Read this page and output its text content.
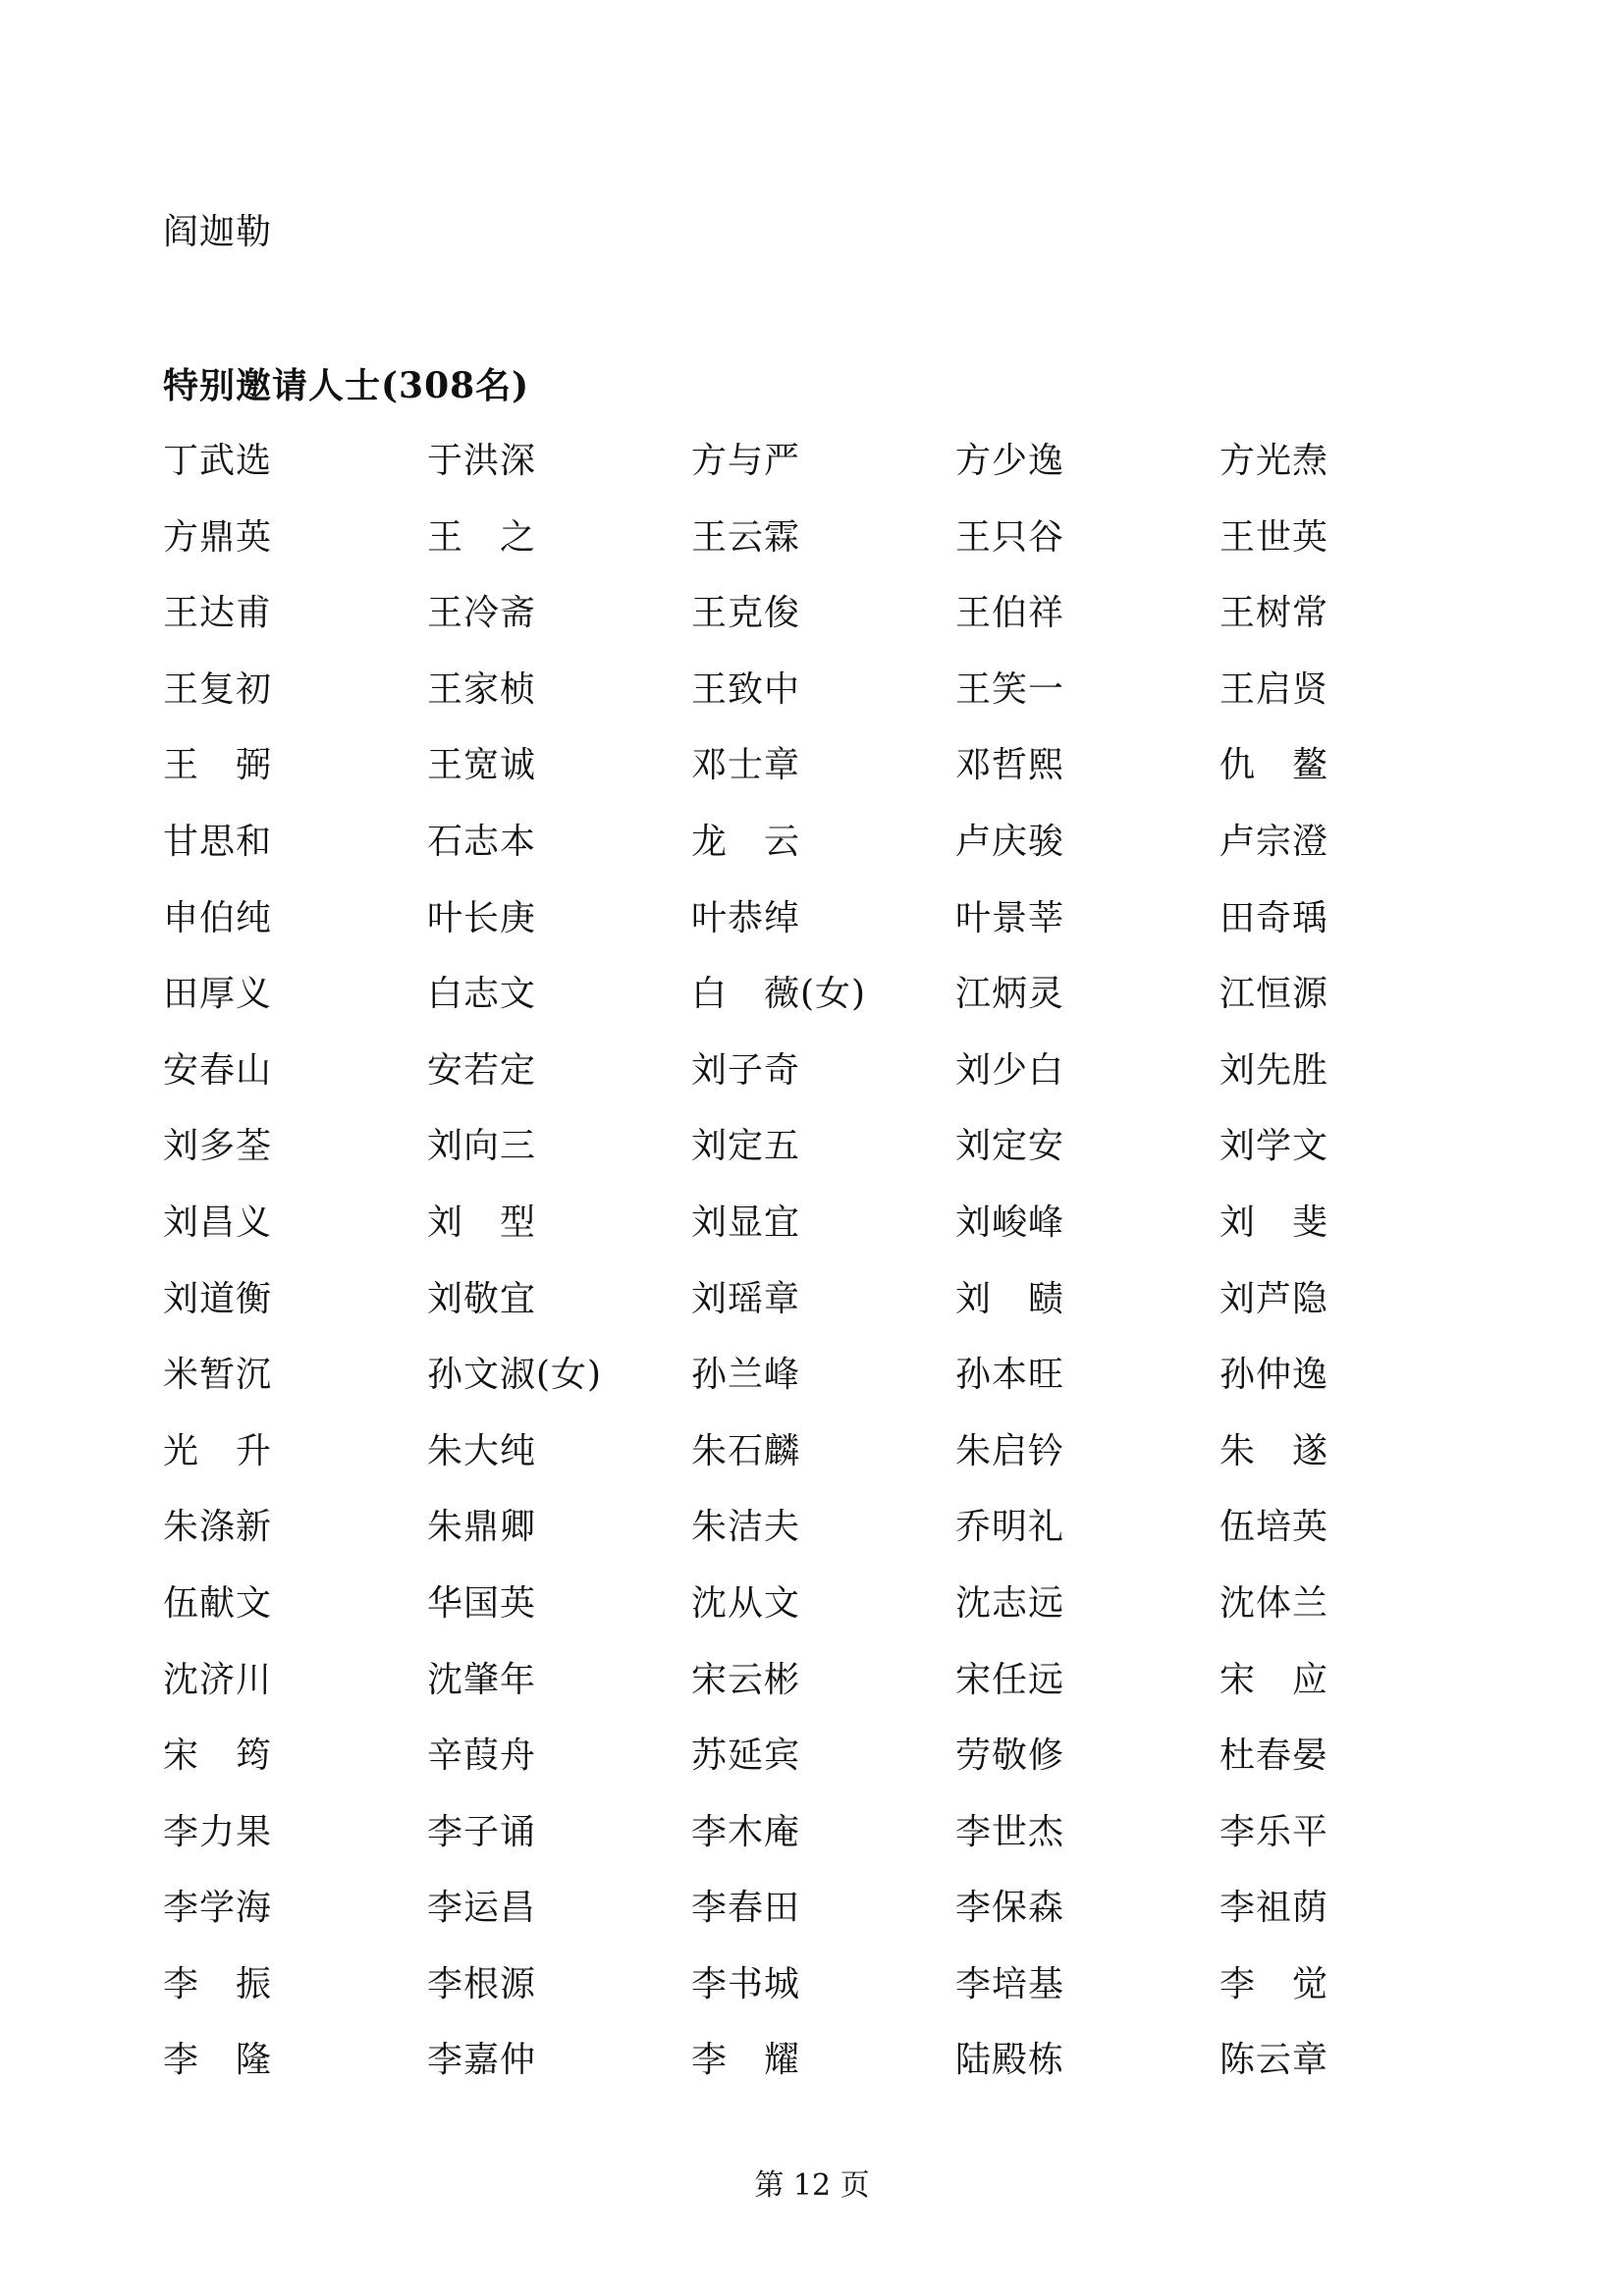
阎迦勒
特别邀请人士(308名)
丁武选	于洪深	方与严	方少逸	方光焘
方鼎英	王　之	王云霖	王只谷	王世英
王达甫	王冷斋	王克俊	王伯祥	王树常
王复初	王家桢	王致中	王笑一	王启贤
王　弼	王宽诚	邓士章	邓哲熙	仇　鳌
甘思和	石志本	龙　云	卢庆骏	卢宗澄
申伯纯	叶长庚	叶恭绰	叶景莘	田奇瑀
田厚义	白志文	白　薇(女)	江炳灵	江恒源
安春山	安若定	刘子奇	刘少白	刘先胜
刘多荃	刘向三	刘定五	刘定安	刘学文
刘昌义	刘　型	刘显宜	刘峻峰	刘　斐
刘道衡	刘敬宜	刘瑶章	刘　赜	刘芦隐
米暂沉	孙文淑(女)	孙兰峰	孙本旺	孙仲逸
光　升	朱大纯	朱石麟	朱启钤	朱　遂
朱涤新	朱鼎卿	朱洁夫	乔明礼	伍培英
伍献文	华国英	沈从文	沈志远	沈体兰
沈济川	沈肇年	宋云彬	宋任远	宋　应
宋　筠	辛葭舟	苏延宾	劳敬修	杜春晏
李力果	李子诵	李木庵	李世杰	李乐平
李学海	李运昌	李春田	李保森	李祖荫
李　振	李根源	李书城	李培基	李　觉
李　隆	李嘉仲	李　耀	陆殿栋	陈云章
第 12 页
